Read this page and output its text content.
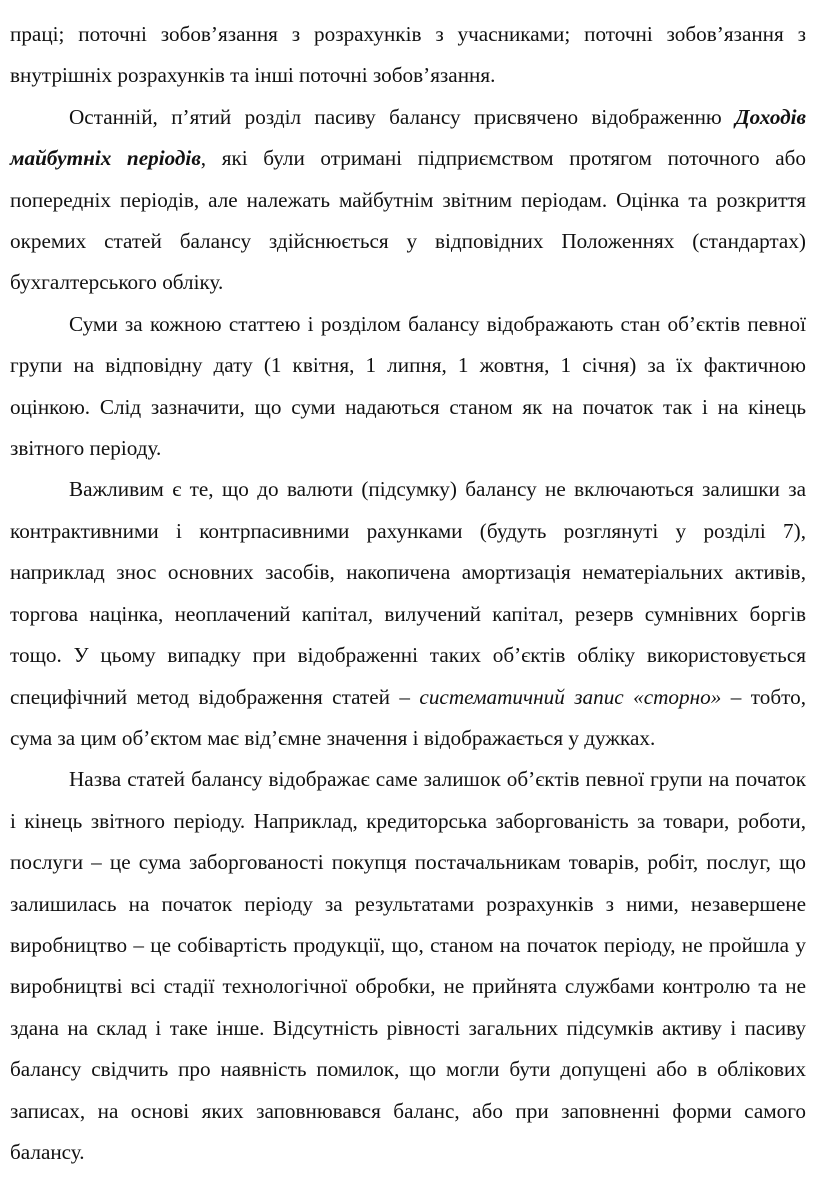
праці; поточні зобов’язання з розрахунків з учасниками; поточні зобов’язання з внутрішніх розрахунків та інші поточні зобов’язання.

Останній, п’ятий розділ пасиву балансу присвячено відображенню Доходів майбутніх періодів, які були отримані підприємством протягом поточного або попередніх періодів, але належать майбутнім звітним періодам. Оцінка та розкриття окремих статей балансу здійснюється у відповідних Положеннях (стандартах) бухгалтерського обліку.

Суми за кожною статтею і розділом балансу відображають стан об’єктів певної групи на відповідну дату (1 квітня, 1 липня, 1 жовтня, 1 січня) за їх фактичною оцінкою. Слід зазначити, що суми надаються станом як на початок так і на кінець звітного періоду.

Важливим є те, що до валюти (підсумку) балансу не включаються залишки за контрактивними і контрпасивними рахунками (будуть розглянуті у розділі 7), наприклад знос основних засобів, накопичена амортизація нематеріальних активів, торгова націнка, неоплачений капітал, вилучений капітал, резерв сумнівних боргів тощо. У цьому випадку при відображенні таких об’єктів обліку використовується специфічний метод відображення статей – систематичний запис «сторно» – тобто, сума за цим об’єктом має від’ємне значення і відображається у дужках.

Назва статей балансу відображає саме залишок об’єктів певної групи на початок і кінець звітного періоду. Наприклад, кредиторська заборгованість за товари, роботи, послуги – це сума заборгованості покупця постачальникам товарів, робіт, послуг, що залишилась на початок періоду за результатами розрахунків з ними, незавершене виробництво – це собівартість продукції, що, станом на початок періоду, не пройшла у виробництві всі стадії технологічної обробки, не прийнята службами контролю та не здана на склад і таке інше. Відсутність рівності загальних підсумків активу і пасиву балансу свідчить про наявність помилок, що могли бути допущені або в облікових записах, на основі яких заповнювався баланс, або при заповненні форми самого балансу.
